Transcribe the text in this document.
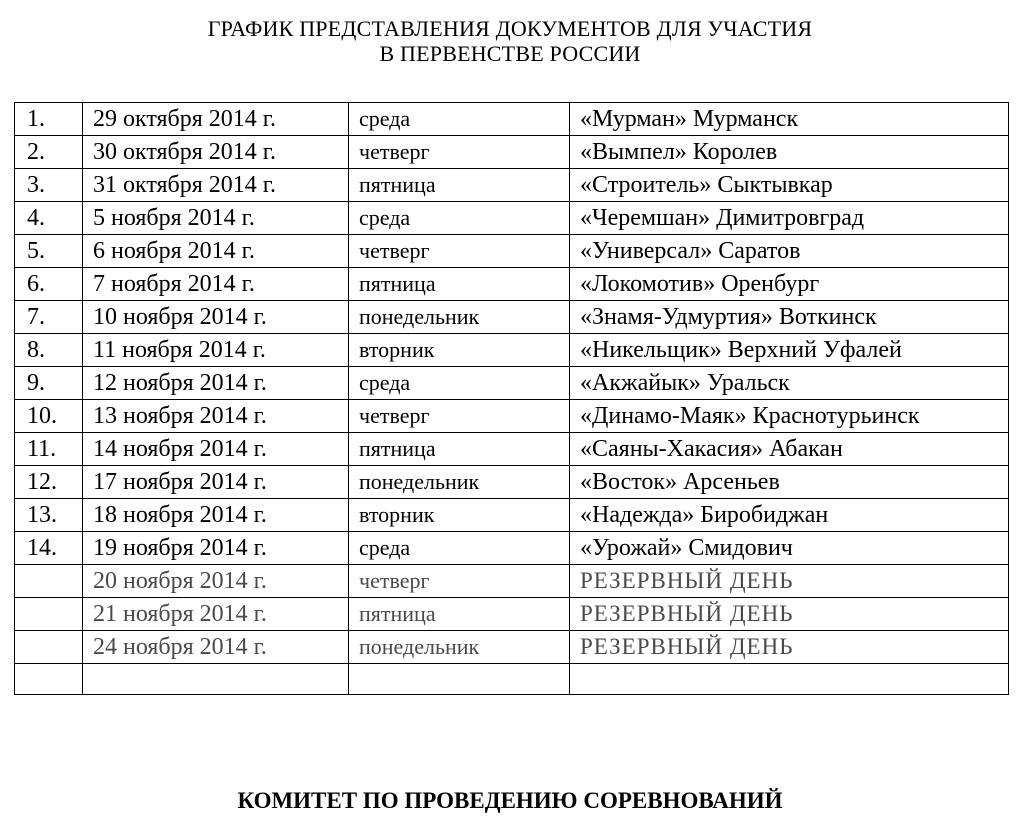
ГРАФИК ПРЕДСТАВЛЕНИЯ ДОКУМЕНТОВ ДЛЯ УЧАСТИЯ
В ПЕРВЕНСТВЕ РОССИИ
1.	29 октября 2014 г.	среда	«Мурман» Мурманск
2.	30 октября 2014 г.	четверг	«Вымпел» Королев
3.	31 октября 2014 г.	пятница	«Строитель» Сыктывкар
4.	5 ноября 2014 г.	среда	«Черемшан» Димитровград
5.	6 ноября 2014 г.	четверг	«Универсал» Саратов
6.	7 ноября 2014 г.	пятница	«Локомотив» Оренбург
7.	10 ноября 2014 г.	понедельник	«Знамя-Удмуртия» Воткинск
8.	11 ноября 2014 г.	вторник	«Никельщик» Верхний Уфалей
9.	12 ноября 2014 г.	среда	«Акжайык» Уральск
10.	13 ноября 2014 г.	четверг	«Динамо-Маяк» Краснотурьинск
11.	14 ноября 2014 г.	пятница	«Саяны-Хакасия» Абакан
12.	17 ноября 2014 г.	понедельник	«Восток» Арсеньев
13.	18 ноября 2014 г.	вторник	«Надежда» Биробиджан
14.	19 ноября 2014 г.	среда	«Урожай» Смидович
	20 ноября 2014 г.	четверг	РЕЗЕРВНЫЙ ДЕНЬ
	21 ноября 2014 г.	пятница	РЕЗЕРВНЫЙ ДЕНЬ
	24 ноября 2014 г.	понедельник	РЕЗЕРВНЫЙ ДЕНЬ

КОМИТЕТ ПО ПРОВЕДЕНИЮ СОРЕВНОВАНИЙ
